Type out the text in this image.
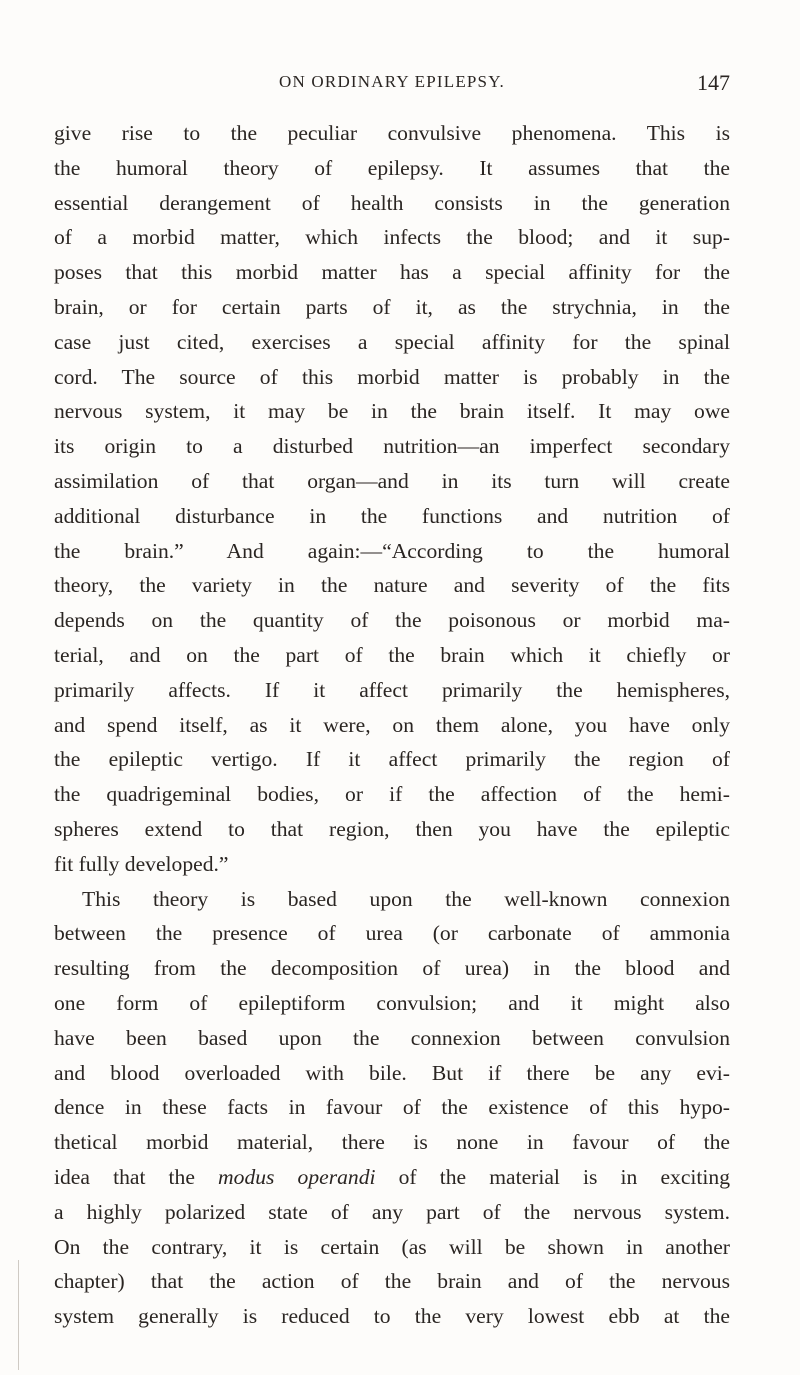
ON ORDINARY EPILEPSY.	147
give rise to the peculiar convulsive phenomena. This is
the humoral theory of epilepsy. It assumes that the
essential derangement of health consists in the generation
of a morbid matter, which infects the blood; and it sup-
poses that this morbid matter has a special affinity for the
brain, or for certain parts of it, as the strychnia, in the
case just cited, exercises a special affinity for the spinal
cord. The source of this morbid matter is probably in the
nervous system, it may be in the brain itself. It may owe
its origin to a disturbed nutrition—an imperfect secondary
assimilation of that organ—and in its turn will create
additional disturbance in the functions and nutrition of
the brain.” And again:—“According to the humoral
theory, the variety in the nature and severity of the fits
depends on the quantity of the poisonous or morbid ma-
terial, and on the part of the brain which it chiefly or
primarily affects. If it affect primarily the hemispheres,
and spend itself, as it were, on them alone, you have only
the epileptic vertigo. If it affect primarily the region of
the quadrigeminal bodies, or if the affection of the hemi-
spheres extend to that region, then you have the epileptic
fit fully developed.”
This theory is based upon the well-known connexion
between the presence of urea (or carbonate of ammonia
resulting from the decomposition of urea) in the blood and
one form of epileptiform convulsion; and it might also
have been based upon the connexion between convulsion
and blood overloaded with bile. But if there be any evi-
dence in these facts in favour of the existence of this hypo-
thetical morbid material, there is none in favour of the
idea that the modus operandi of the material is in exciting
a highly polarized state of any part of the nervous system.
On the contrary, it is certain (as will be shown in another
chapter) that the action of the brain and of the nervous
system generally is reduced to the very lowest ebb at the
